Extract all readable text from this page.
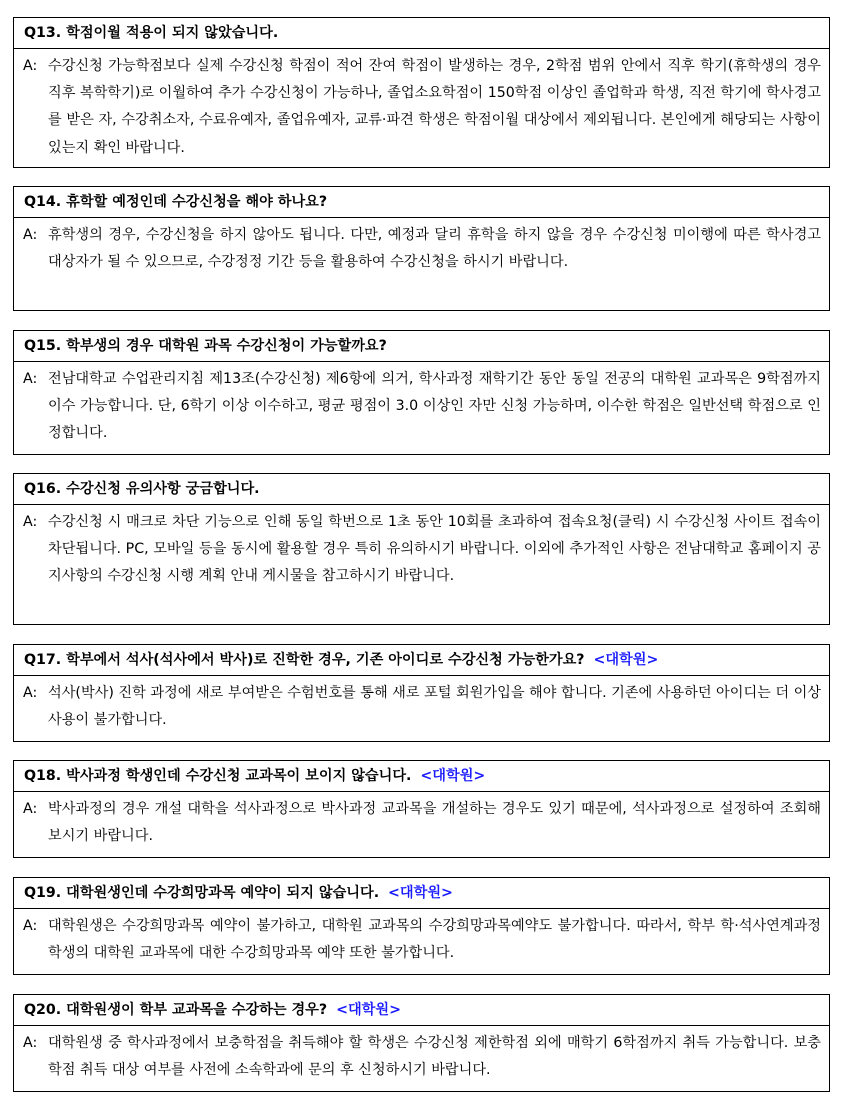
Q13. 학점이월 적용이 되지 않았습니다.
A: 수강신청 가능학점보다 실제 수강신청 학점이 적어 잔여 학점이 발생하는 경우, 2학점 범위 안에서 직후 학기(휴학생의 경우 직후 복학학기)로 이월하여 추가 수강신청이 가능하나, 졸업소요학점이 150학점 이상인 졸업학과 학생, 직전 학기에 학사경고를 받은 자, 수강취소자, 수료유예자, 졸업유예자, 교류·파견 학생은 학점이월 대상에서 제외됩니다. 본인에게 해당되는 사항이 있는지 확인 바랍니다.
Q14. 휴학할 예정인데 수강신청을 해야 하나요?
A: 휴학생의 경우, 수강신청을 하지 않아도 됩니다. 다만, 예정과 달리 휴학을 하지 않을 경우 수강신청 미이행에 따른 학사경고 대상자가 될 수 있으므로, 수강정정 기간 등을 활용하여 수강신청을 하시기 바랍니다.
Q15. 학부생의 경우 대학원 과목 수강신청이 가능할까요?
A: 전남대학교 수업관리지침 제13조(수강신청) 제6항에 의거, 학사과정 재학기간 동안 동일 전공의 대학원 교과목은 9학점까지 이수 가능합니다. 단, 6학기 이상 이수하고, 평균 평점이 3.0 이상인 자만 신청 가능하며, 이수한 학점은 일반선택 학점으로 인정합니다.
Q16. 수강신청 유의사항 궁금합니다.
A: 수강신청 시 매크로 차단 기능으로 인해 동일 학번으로 1초 동안 10회를 초과하여 접속요청(클릭) 시 수강신청 사이트 접속이 차단됩니다. PC, 모바일 등을 동시에 활용할 경우 특히 유의하시기 바랍니다. 이외에 추가적인 사항은 전남대학교 홈페이지 공지사항의 수강신청 시행 계획 안내 게시물을 참고하시기 바랍니다.
Q17. 학부에서 석사(석사에서 박사)로 진학한 경우, 기존 아이디로 수강신청 가능한가요? <대학원>
A: 석사(박사) 진학 과정에 새로 부여받은 수험번호를 통해 새로 포털 회원가입을 해야 합니다. 기존에 사용하던 아이디는 더 이상 사용이 불가합니다.
Q18. 박사과정 학생인데 수강신청 교과목이 보이지 않습니다. <대학원>
A: 박사과정의 경우 개설 대학을 석사과정으로 박사과정 교과목을 개설하는 경우도 있기 때문에, 석사과정으로 설정하여 조회해보시기 바랍니다.
Q19. 대학원생인데 수강희망과목 예약이 되지 않습니다. <대학원>
A: 대학원생은 수강희망과목 예약이 불가하고, 대학원 교과목의 수강희망과목예약도 불가합니다. 따라서, 학부 학·석사연계과정 학생의 대학원 교과목에 대한 수강희망과목 예약 또한 불가합니다.
Q20. 대학원생이 학부 교과목을 수강하는 경우? <대학원>
A: 대학원생 중 학사과정에서 보충학점을 취득해야 할 학생은 수강신청 제한학점 외에 매학기 6학점까지 취득 가능합니다. 보충학점 취득 대상 여부를 사전에 소속학과에 문의 후 신청하시기 바랍니다.
